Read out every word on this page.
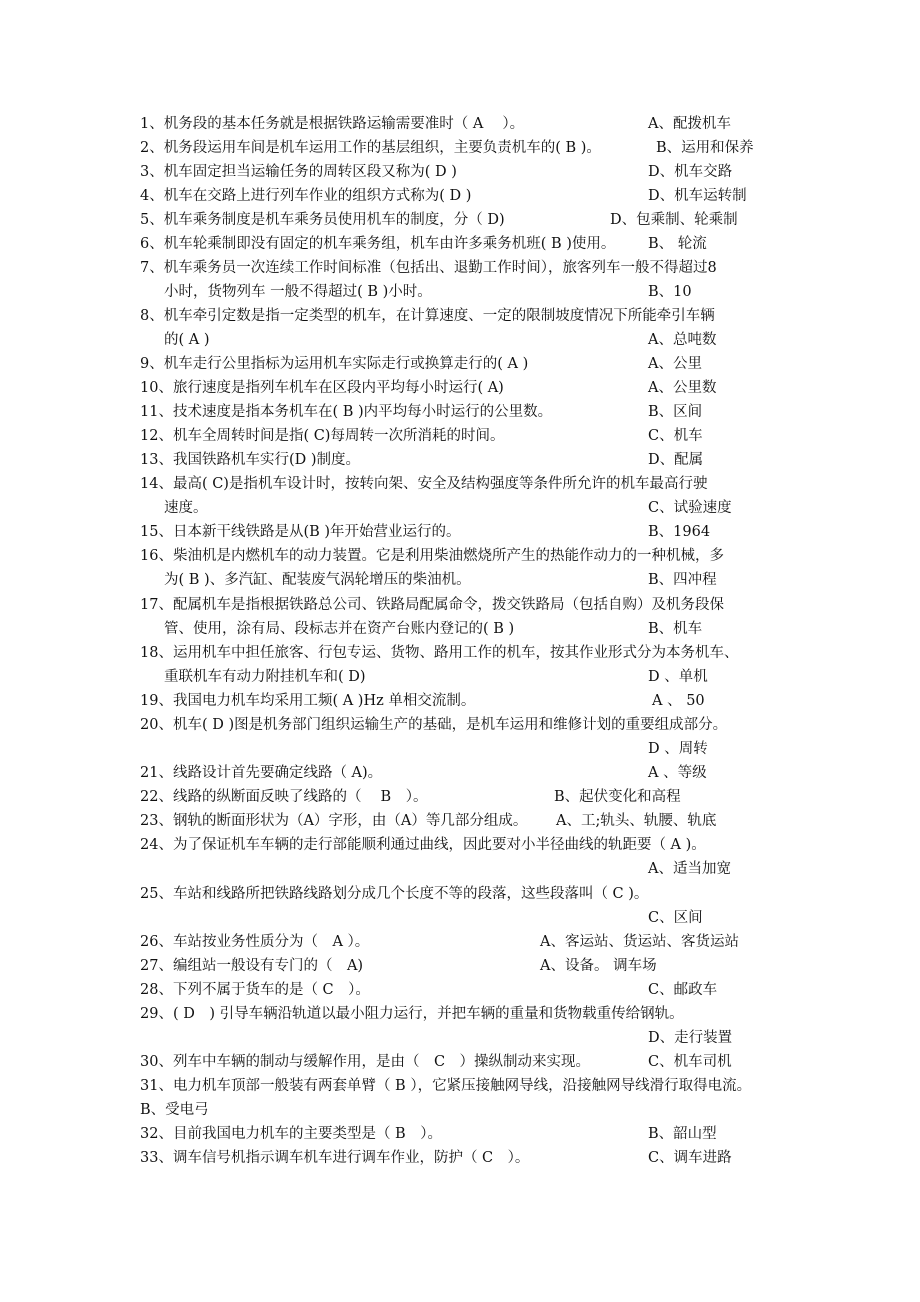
1、机务段的基本任务就是根据铁路运输需要准时（ A　 ）。	A、配拨机车
2、机务段运用车间是机车运用工作的基层组织，主要负责机车的( B )。	B、运用和保养
3、机车固定担当运输任务的周转区段又称为( D )	D、机车交路
4、机车在交路上进行列车作业的组织方式称为( D )	D、机车运转制
5、机车乘务制度是机车乘务员使用机车的制度，分（ D)	D、包乘制、轮乘制
6、机车轮乘制即没有固定的机车乘务组，机车由许多乘务机班( B )使用。 B、 轮流
7、机车乘务员一次连续工作时间标准（包括出、退勤工作时间），旅客列车一般不得超过8
小时，货物列车 一般不得超过( B )小时。	B、10
8、机车牵引定数是指一定类型的机车，在计算速度、一定的限制坡度情况下所能牵引车辆
的( A )	A、总吨数
9、机车走行公里指标为运用机车实际走行或换算走行的( A )	A、公里
10、旅行速度是指列车机车在区段内平均每小时运行( A)	A、公里数
11、技术速度是指本务机车在( B )内平均每小时运行的公里数。	B、区间
12、机车全周转时间是指( C)每周转一次所消耗的时间。	C、机车
13、我国铁路机车实行(D )制度。	D、配属
14、最高( C)是指机车设计时，按转向架、安全及结构强度等条件所允许的机车最高行驶
速度。	C、试验速度
15、日本新干线铁路是从(B )年开始营业运行的。	B、1964
16、柴油机是内燃机车的动力装置。它是利用柴油燃烧所产生的热能作动力的一种机械，多
为( B )、多汽缸、配装废气涡轮增压的柴油机。	B、四冲程
17、配属机车是指根据铁路总公司、铁路局配属命令，拨交铁路局（包括自购）及机务段保
管、使用，涂有局、段标志并在资产台账内登记的( B )	B、机车
18、运用机车中担任旅客、行包专运、货物、路用工作的机车，按其作业形式分为本务机车、
重联机车有动力附挂机车和( D)	D 、单机
19、我国电力机车均采用工频( A )Hz 单相交流制。	A 、 50
20、机车( D )图是机务部门组织运输生产的基础，是机车运用和维修计划的重要组成部分。
D 、周转
21、线路设计首先要确定线路（ A)。	A 、等级
22、线路的纵断面反映了线路的（　 B　）。	B、起伏变化和高程
23、钢轨的断面形状为（A）字形，由（A）等几部分组成。 A、工;轨头、轨腰、轨底
24、为了保证机车车辆的走行部能顺利通过曲线，因此要对小半径曲线的轨距要（ A )。
A、适当加宽
25、车站和线路所把铁路线路划分成几个长度不等的段落，这些段落叫（ C )。
C、区间
26、车站按业务性质分为（　A ）。	A、客运站、货运站、客货运站
27、编组站一般设有专门的（　A)	A、设备。 调车场
28、下列不属于货车的是（ C　）。	C、邮政车
29、( D　) 引导车辆沿轨道以最小阻力运行，并把车辆的重量和货物载重传给钢轨。
D、走行装置
30、列车中车辆的制动与缓解作用，是由（　C　）操纵制动来实现。	C、机车司机
31、电力机车顶部一般装有两套单臂（ B ），它紧压接触网导线，沿接触网导线滑行取得电流。
B、受电弓
32、目前我国电力机车的主要类型是（ B　）。	B、韶山型
33、调车信号机指示调车机车进行调车作业，防护（ C　）。	C、调车进路
